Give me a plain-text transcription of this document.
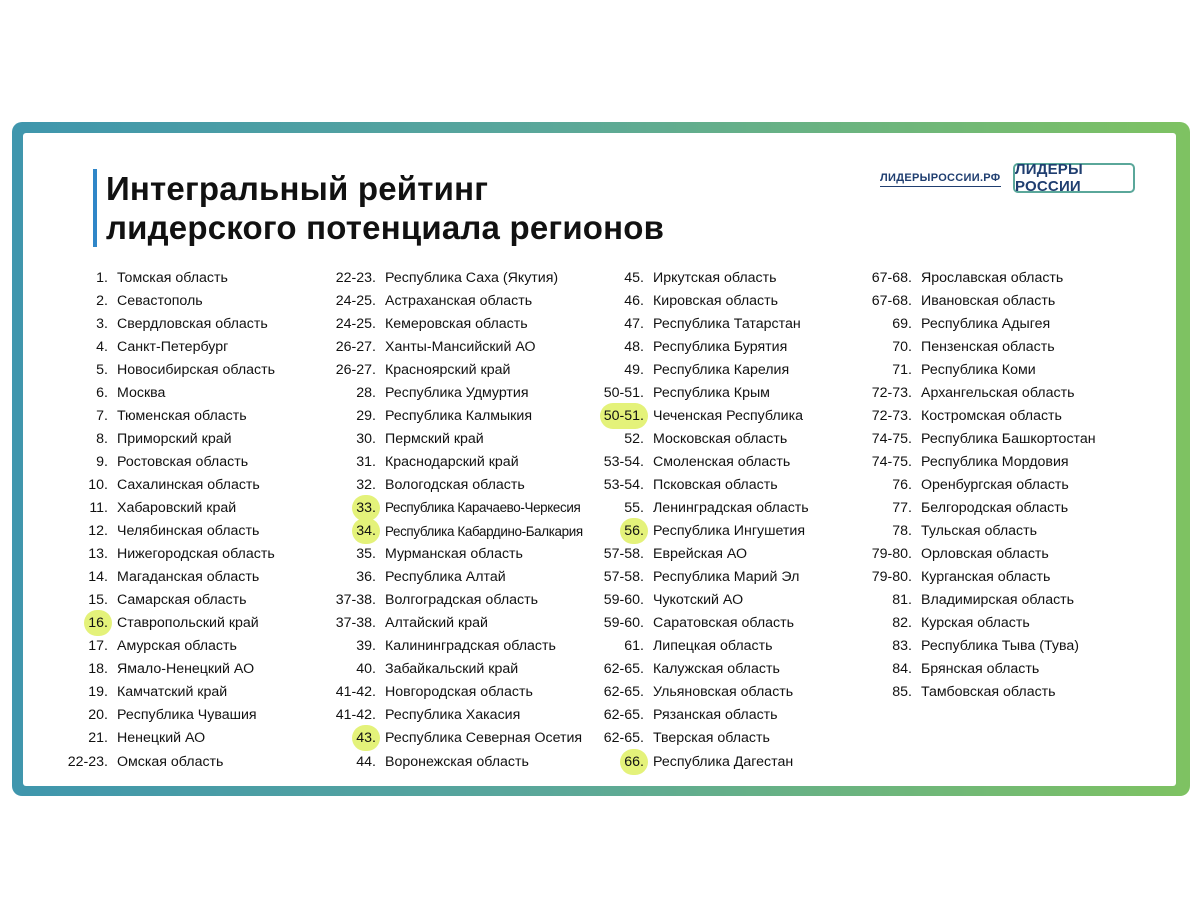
Интегральный рейтинг
лидерского потенциала регионов
ЛИДЕРЫРОССИИ.РФ ЛИДЕРЫ РОССИИ
1. Томская область
2. Севастополь
3. Свердловская область
4. Санкт-Петербург
5. Новосибирская область
6. Москва
7. Тюменская область
8. Приморский край
9. Ростовская область
10. Сахалинская область
11. Хабаровский край
12. Челябинская область
13. Нижегородская область
14. Магаданская область
15. Самарская область
16. Ставропольский край
17. Амурская область
18. Ямало-Ненецкий АО
19. Камчатский край
20. Республика Чувашия
21. Ненецкий АО
22-23. Омская область
22-23. Республика Саха (Якутия)
24-25. Астраханская область
24-25. Кемеровская область
26-27. Ханты-Мансийский АО
26-27. Красноярский край
28. Республика Удмуртия
29. Республика Калмыкия
30. Пермский край
31. Краснодарский край
32. Вологодская область
33. Республика Карачаево-Черкесия
34. Республика Кабардино-Балкария
35. Мурманская область
36. Республика Алтай
37-38. Волгоградская область
37-38. Алтайский край
39. Калининградская область
40. Забайкальский край
41-42. Новгородская область
41-42. Республика Хакасия
43. Республика Северная Осетия
44. Воронежская область
45. Иркутская область
46. Кировская область
47. Республика Татарстан
48. Республика Бурятия
49. Республика Карелия
50-51. Республика Крым
50-51. Чеченская Республика
52. Московская область
53-54. Смоленская область
53-54. Псковская область
55. Ленинградская область
56. Республика Ингушетия
57-58. Еврейская АО
57-58. Республика Марий Эл
59-60. Чукотский АО
59-60. Саратовская область
61. Липецкая область
62-65. Калужская область
62-65. Ульяновская область
62-65. Рязанская область
62-65. Тверская область
66. Республика Дагестан
67-68. Ярославская область
67-68. Ивановская область
69. Республика Адыгея
70. Пензенская область
71. Республика Коми
72-73. Архангельская область
72-73. Костромская область
74-75. Республика Башкортостан
74-75. Республика Мордовия
76. Оренбургская область
77. Белгородская область
78. Тульская область
79-80. Орловская область
79-80. Курганская область
81. Владимирская область
82. Курская область
83. Республика Тыва (Тува)
84. Брянская область
85. Тамбовская область
